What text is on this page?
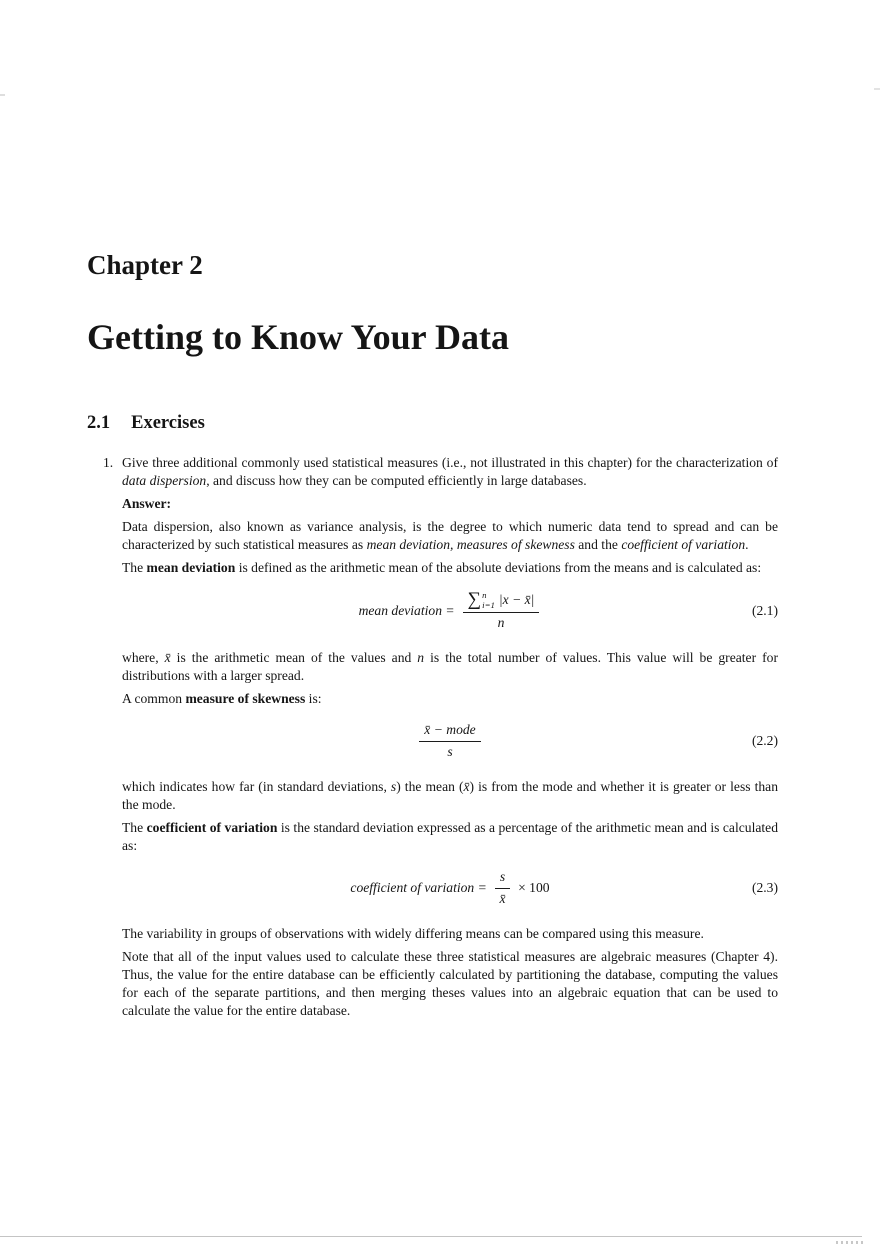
Chapter 2
Getting to Know Your Data
2.1 Exercises
1. Give three additional commonly used statistical measures (i.e., not illustrated in this chapter) for the characterization of data dispersion, and discuss how they can be computed efficiently in large databases.

Answer:

Data dispersion, also known as variance analysis, is the degree to which numeric data tend to spread and can be characterized by such statistical measures as mean deviation, measures of skewness and the coefficient of variation.

The mean deviation is defined as the arithmetic mean of the absolute deviations from the means and is calculated as:

mean deviation = ∑ n
i=1 |x − x̄|
n
(2.1)

where, x̄ is the arithmetic mean of the values and n is the total number of values. This value will be greater for distributions with a larger spread.

A common measure of skewness is:

$\frac{\text{x̄ − mode}}{s}$	(2.2)

which indicates how far (in standard deviations, s) the mean (x̄) is from the mode and whether it is greater or less than the mode.

The coefficient of variation is the standard deviation expressed as a percentage of the arithmetic mean and is calculated as:

coefficient of variation = $\frac{s}{x̄} \times 100$	(2.3)

The variability in groups of observations with widely differing means can be compared using this measure.

Note that all of the input values used to calculate these three statistical measures are algebraic measures (Chapter 4). Thus, the value for the entire database can be efficiently calculated by partitioning the database, computing the values for each of the separate partitions, and then merging theses values into an algebraic equation that can be used to calculate the value for the entire database.
